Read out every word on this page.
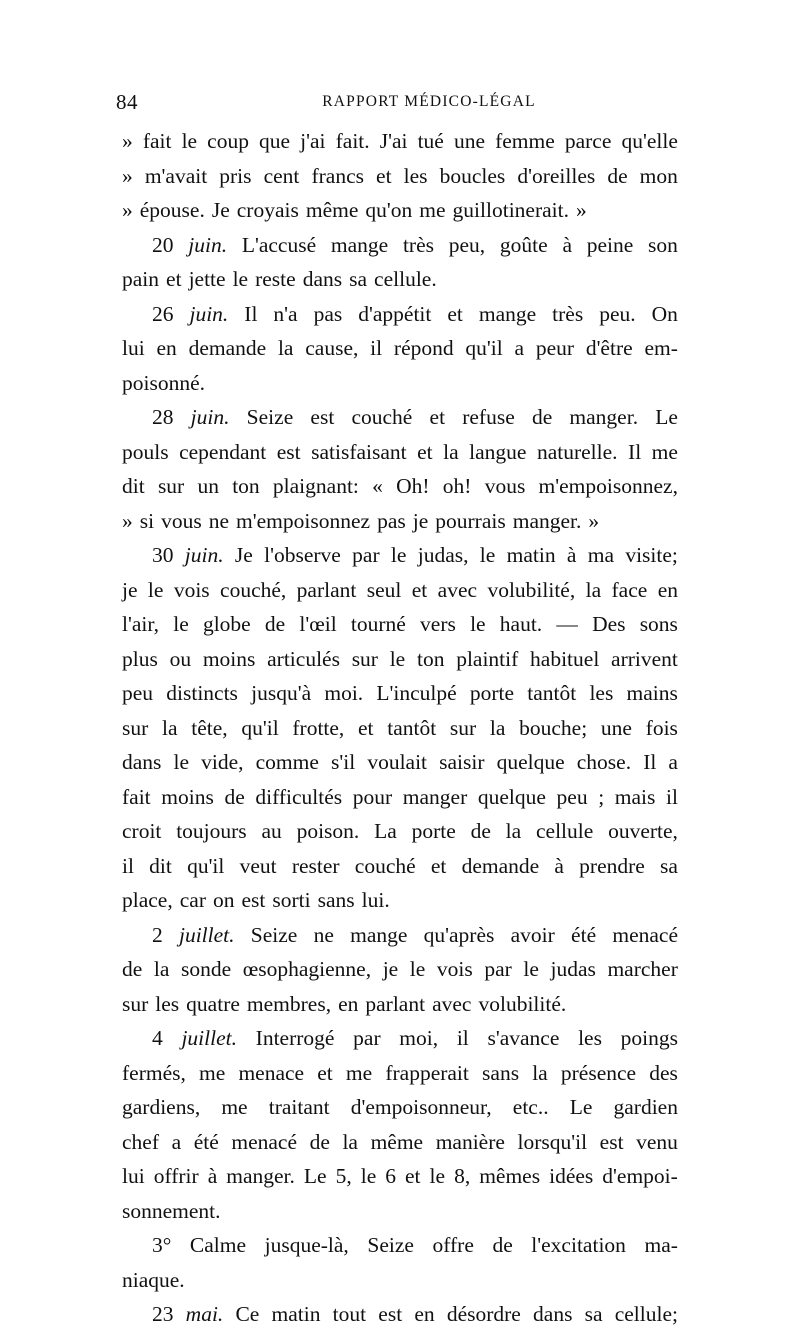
84	RAPPORT MÉDICO-LÉGAL
» fait le coup que j'ai fait. J'ai tué une femme parce qu'elle
» m'avait pris cent francs et les boucles d'oreilles de mon
» épouse. Je croyais même qu'on me guillotinerait. »
20 juin. L'accusé mange très peu, goûte à peine son
pain et jette le reste dans sa cellule.
26 juin. Il n'a pas d'appétit et mange très peu. On
lui en demande la cause, il répond qu'il a peur d'être em-
poisonné.
28 juin. Seize est couché et refuse de manger. Le
pouls cependant est satisfaisant et la langue naturelle. Il me
dit sur un ton plaignant: « Oh! oh! vous m'empoisonnez,
» si vous ne m'empoisonnez pas je pourrais manger. »
30 juin. Je l'observe par le judas, le matin à ma visite;
je le vois couché, parlant seul et avec volubilité, la face en
l'air, le globe de l'œil tourné vers le haut. — Des sons
plus ou moins articulés sur le ton plaintif habituel arrivent
peu distincts jusqu'à moi. L'inculpé porte tantôt les mains
sur la tête, qu'il frotte, et tantôt sur la bouche; une fois
dans le vide, comme s'il voulait saisir quelque chose. Il a
fait moins de difficultés pour manger quelque peu ; mais il
croit toujours au poison. La porte de la cellule ouverte,
il dit qu'il veut rester couché et demande à prendre sa
place, car on est sorti sans lui.
2 juillet. Seize ne mange qu'après avoir été menacé
de la sonde œsophagienne, je le vois par le judas marcher
sur les quatre membres, en parlant avec volubilité.
4 juillet. Interrogé par moi, il s'avance les poings
fermés, me menace et me frapperait sans la présence des
gardiens, me traitant d'empoisonneur, etc.. Le gardien
chef a été menacé de la même manière lorsqu'il est venu
lui offrir à manger. Le 5, le 6 et le 8, mêmes idées d'empoi-
sonnement.
3° Calme jusque-là, Seize offre de l'excitation ma-
niaque.
23 mai. Ce matin tout est en désordre dans sa cellule;
